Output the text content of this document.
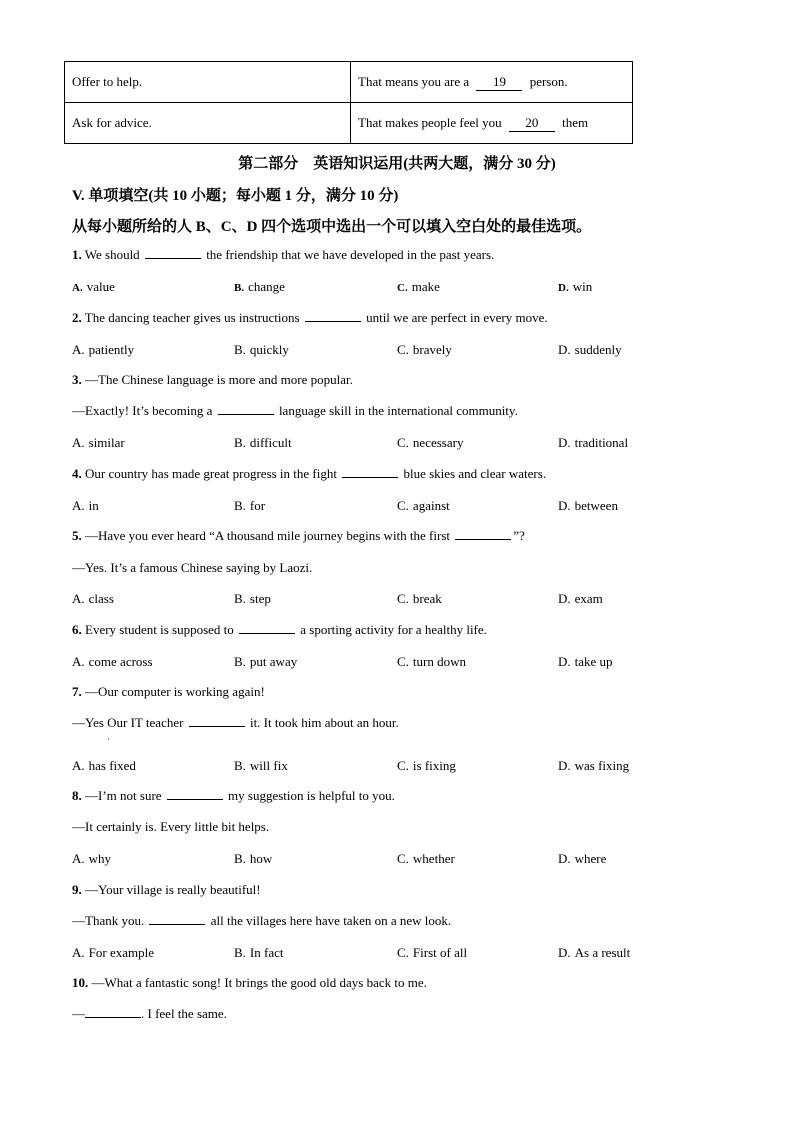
Offer to help.	That means you are a 19 person.
Ask for advice.	That makes people feel you 20 them
第二部分　英语知识运用(共两大题，满分 30 分)
V. 单项填空(共 10 小题；每小题 1 分，满分 10 分)
从每小题所给的人 B、C、D 四个选项中选出一个可以填入空白处的最佳选项。
1. We should	the friendship that we have developed in the past years.
A. value	B. change	C. make	D. win
2. The dancing teacher gives us instructions	until we are perfect in every move.
A. patiently	B. quickly	C. bravely	D. suddenly
3. —The Chinese language is more and more popular.
—Exactly! It’s becoming a	language skill in the international community.
A. similar	B. difficult	C. necessary	D. traditional
4. Our country has made great progress in the fight	blue skies and clear waters.
A. in	B. for	C. against	D. between
5. —Have you ever heard “A thousand mile journey begins with the first	”?
—Yes. It’s a famous Chinese saying by Laozi.
A. class	B. step	C. break	D. exam
6. Every student is supposed to	a sporting activity for a healthy life.
A. come across	B. put away	C. turn down	D. take up
7. —Our computer is working again!
—Yes Our IT teacher	it. It took him about an hour.
·
A. has fixed	B. will fix	C. is fixing	D. was fixing
8. —I’m not sure	my suggestion is helpful to you.
—It certainly is. Every little bit helps.
A. why	B. how	C. whether	D. where
9. —Your village is really beautiful!
—Thank you.	all the villages here have taken on a new look.
A. For example	B. In fact	C. First of all	D. As a result
10. —What a fantastic song! It brings the good old days back to me.
—	. I feel the same.
